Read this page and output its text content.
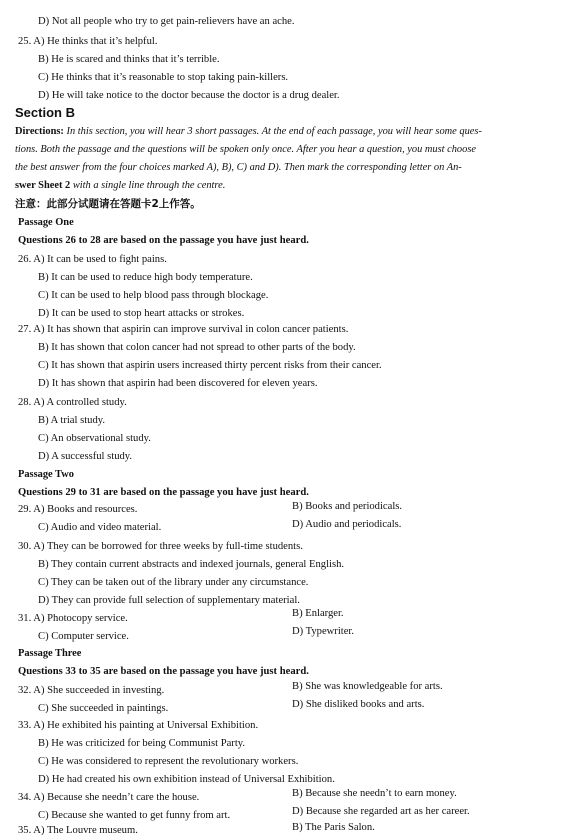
D) Not all people who try to get pain-relievers have an ache.
25. A) He thinks that it’s helpful.
B) He is scared and thinks that it’s terrible.
C) He thinks that it’s reasonable to stop taking pain-killers.
D) He will take notice to the doctor because the doctor is a drug dealer.
Section B
Directions: In this section, you will hear 3 short passages. At the end of each passage, you will hear some ques-
tions. Both the passage and the questions will be spoken only once. After you hear a question, you must choose
the best answer from the four choices marked A), B), C) and D). Then mark the corresponding letter on An-
swer Sheet 2 with a single line through the centre.
注意：此部分试题请在答题卡2上作答。
Passage One
Questions 26 to 28 are based on the passage you have just heard.
26. A) It can be used to fight pains.
B) It can be used to reduce high body temperature.
C) It can be used to help blood pass through blockage.
D) It can be used to stop heart attacks or strokes.
27. A) It has shown that aspirin can improve survival in colon cancer patients.
B) It has shown that colon cancer had not spread to other parts of the body.
C) It has shown that aspirin users increased thirty percent risks from their cancer.
D) It has shown that aspirin had been discovered for eleven years.
28. A) A controlled study.
B) A trial study.
C) An observational study.
D) A successful study.
Passage Two
Questions 29 to 31 are based on the passage you have just heard.
29. A) Books and resources.	B) Books and periodicals.
C) Audio and video material.	D) Audio and periodicals.
30. A) They can be borrowed for three weeks by full-time students.
B) They contain current abstracts and indexed journals, general English.
C) They can be taken out of the library under any circumstance.
D) They can provide full selection of supplementary material.
31. A) Photocopy service.	B) Enlarger.
C) Computer service.	D) Typewriter.
Passage Three
Questions 33 to 35 are based on the passage you have just heard.
32. A) She succeeded in investing.	B) She was knowledgeable for arts.
C) She succeeded in paintings.	D) She disliked books and arts.
33. A) He exhibited his painting at Universal Exhibition.
B) He was criticized for being Communist Party.
C) He was considered to represent the revolutionary workers.
D) He had created his own exhibition instead of Universal Exhibition.
34. A) Because she needn’t care the house.	B) Because she needn’t to earn money.
C) Because she wanted to get funny from art.	D) Because she regarded art as her career.
35. A) The Louvre museum.	B) The Paris Salon.
